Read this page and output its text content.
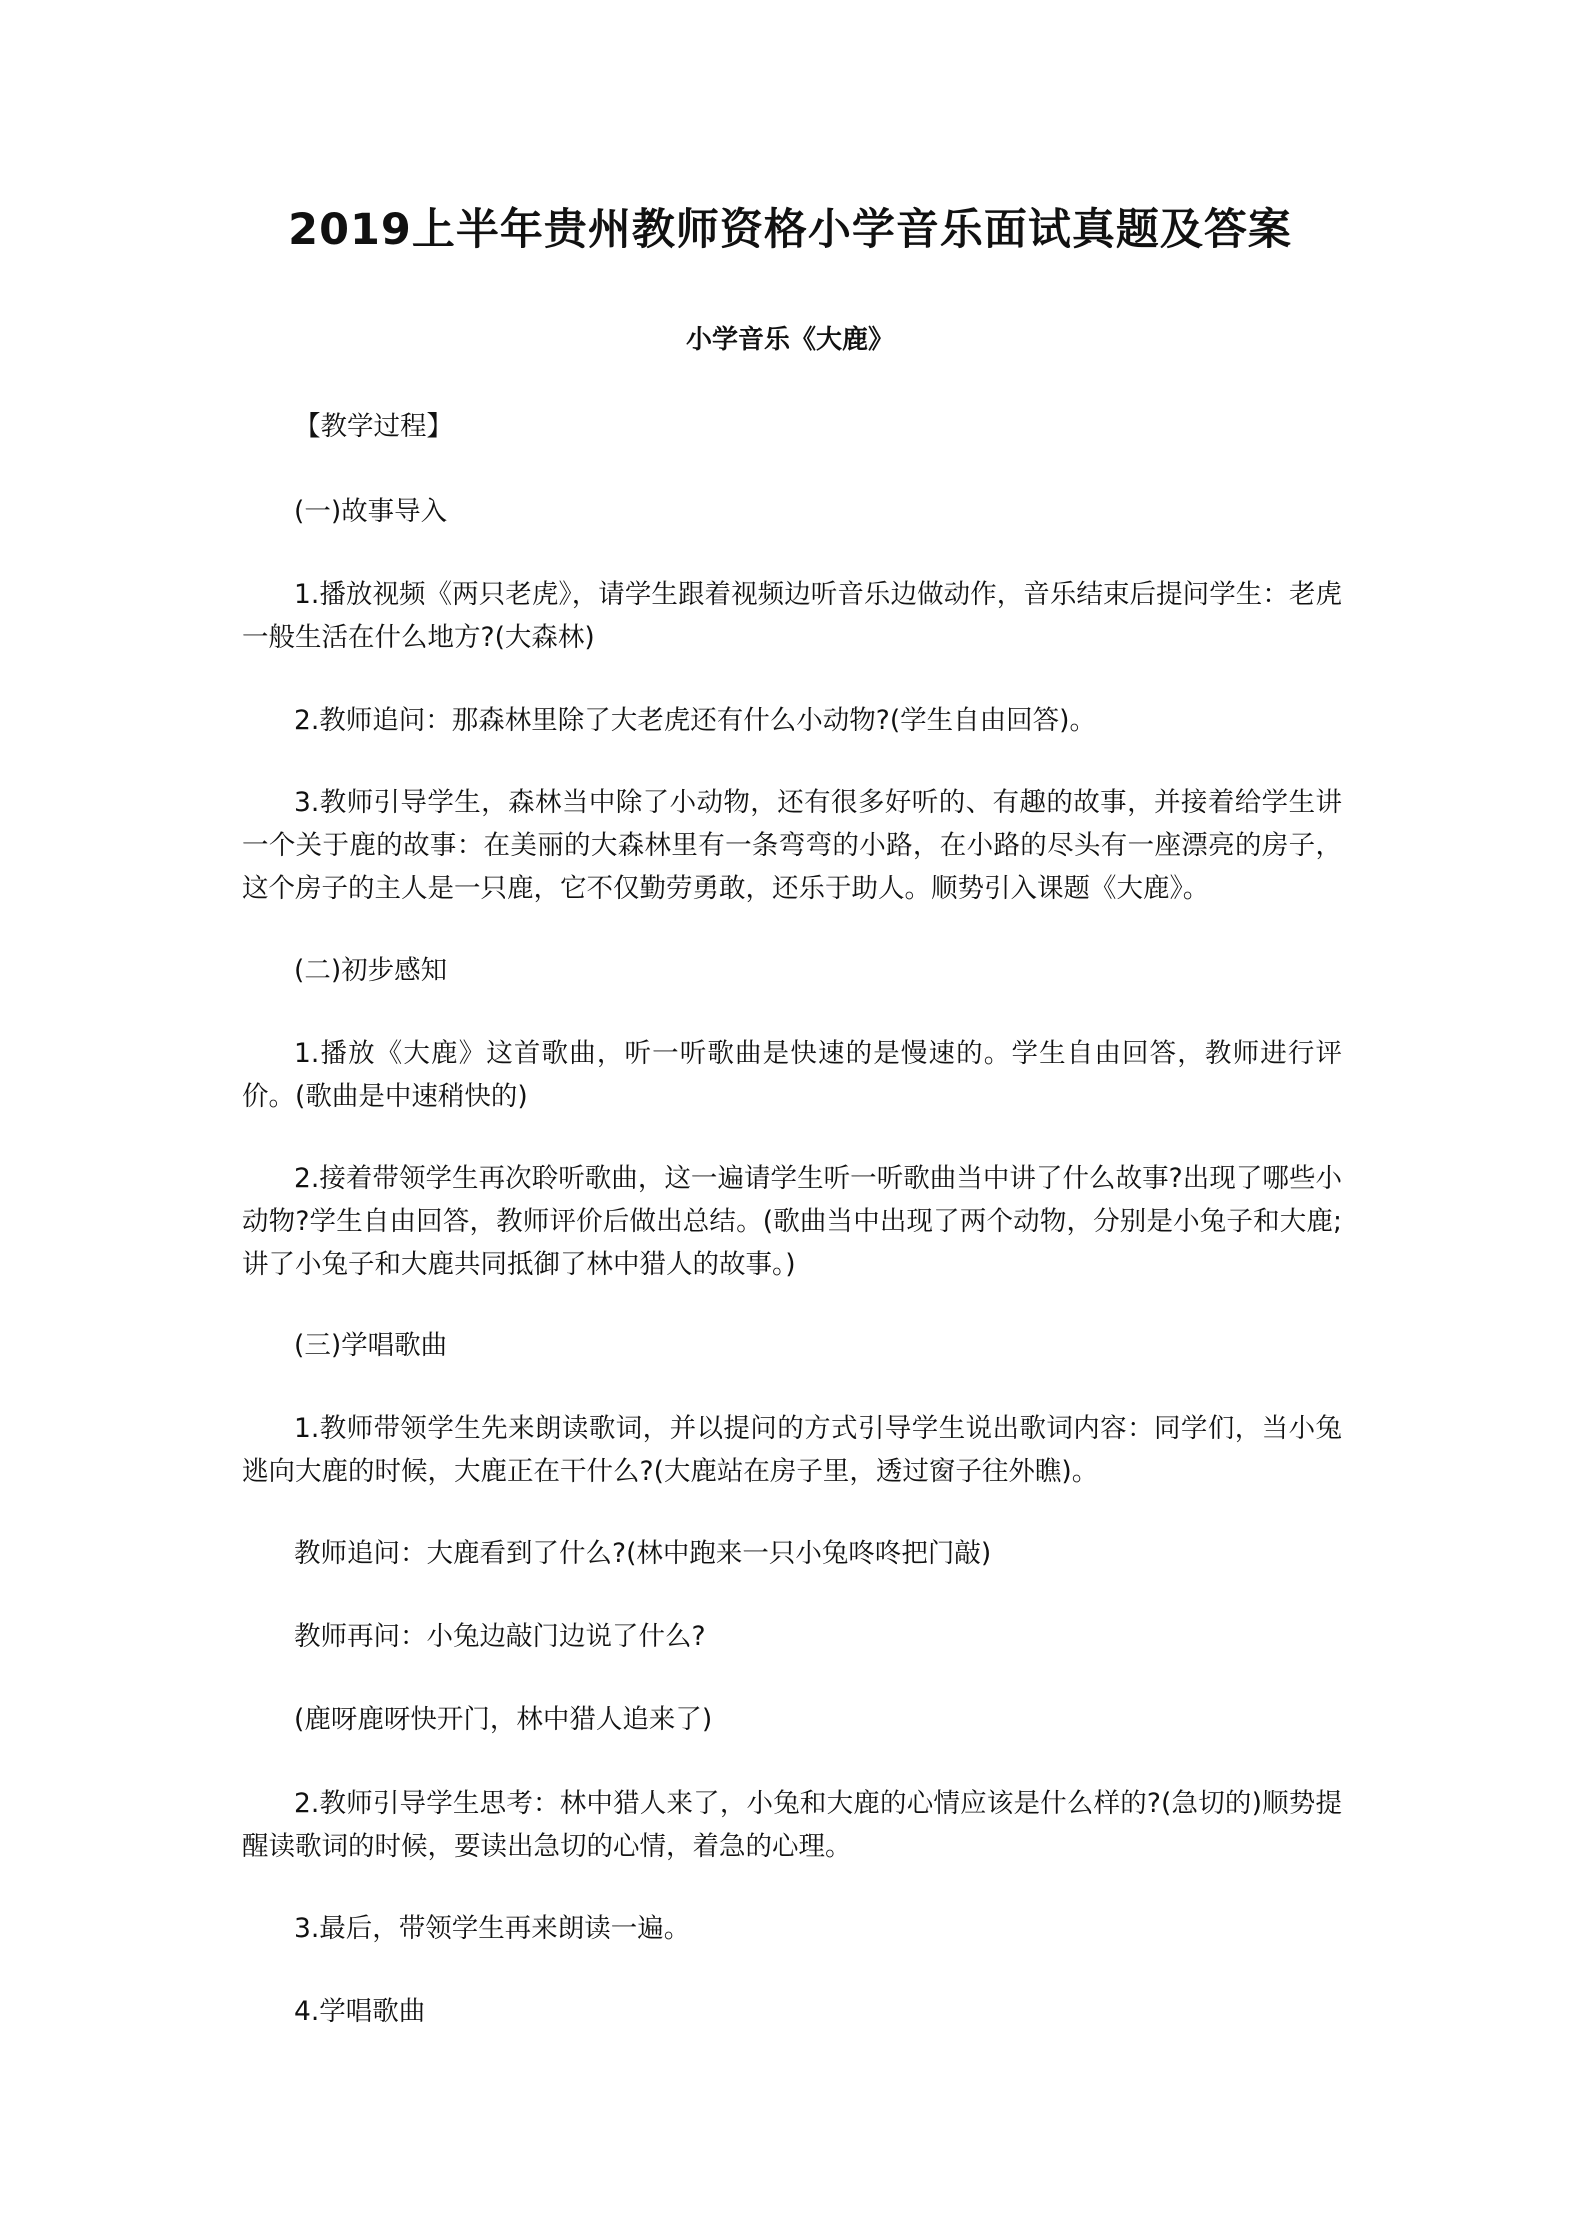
2019上半年贵州教师资格小学音乐面试真题及答案
小学音乐《大鹿》

【教学过程】

(一)故事导入

1.播放视频《两只老虎》，请学生跟着视频边听音乐边做动作，音乐结束后提问学生：老虎一般生活在什么地方?(大森林)

2.教师追问：那森林里除了大老虎还有什么小动物?(学生自由回答)。

3.教师引导学生，森林当中除了小动物，还有很多好听的、有趣的故事，并接着给学生讲一个关于鹿的故事：在美丽的大森林里有一条弯弯的小路，在小路的尽头有一座漂亮的房子，这个房子的主人是一只鹿，它不仅勤劳勇敢，还乐于助人。顺势引入课题《大鹿》。

(二)初步感知

1.播放《大鹿》这首歌曲，听一听歌曲是快速的是慢速的。学生自由回答，教师进行评价。(歌曲是中速稍快的)

2.接着带领学生再次聆听歌曲，这一遍请学生听一听歌曲当中讲了什么故事?出现了哪些小动物?学生自由回答，教师评价后做出总结。(歌曲当中出现了两个动物，分别是小兔子和大鹿;讲了小兔子和大鹿共同抵御了林中猎人的故事。)

(三)学唱歌曲

1.教师带领学生先来朗读歌词，并以提问的方式引导学生说出歌词内容：同学们，当小兔逃向大鹿的时候，大鹿正在干什么?(大鹿站在房子里，透过窗子往外瞧)。

教师追问：大鹿看到了什么?(林中跑来一只小兔咚咚把门敲)

教师再问：小兔边敲门边说了什么?

(鹿呀鹿呀快开门，林中猎人追来了)

2.教师引导学生思考：林中猎人来了，小兔和大鹿的心情应该是什么样的?(急切的)顺势提醒读歌词的时候，要读出急切的心情，着急的心理。

3.最后，带领学生再来朗读一遍。

4.学唱歌曲
